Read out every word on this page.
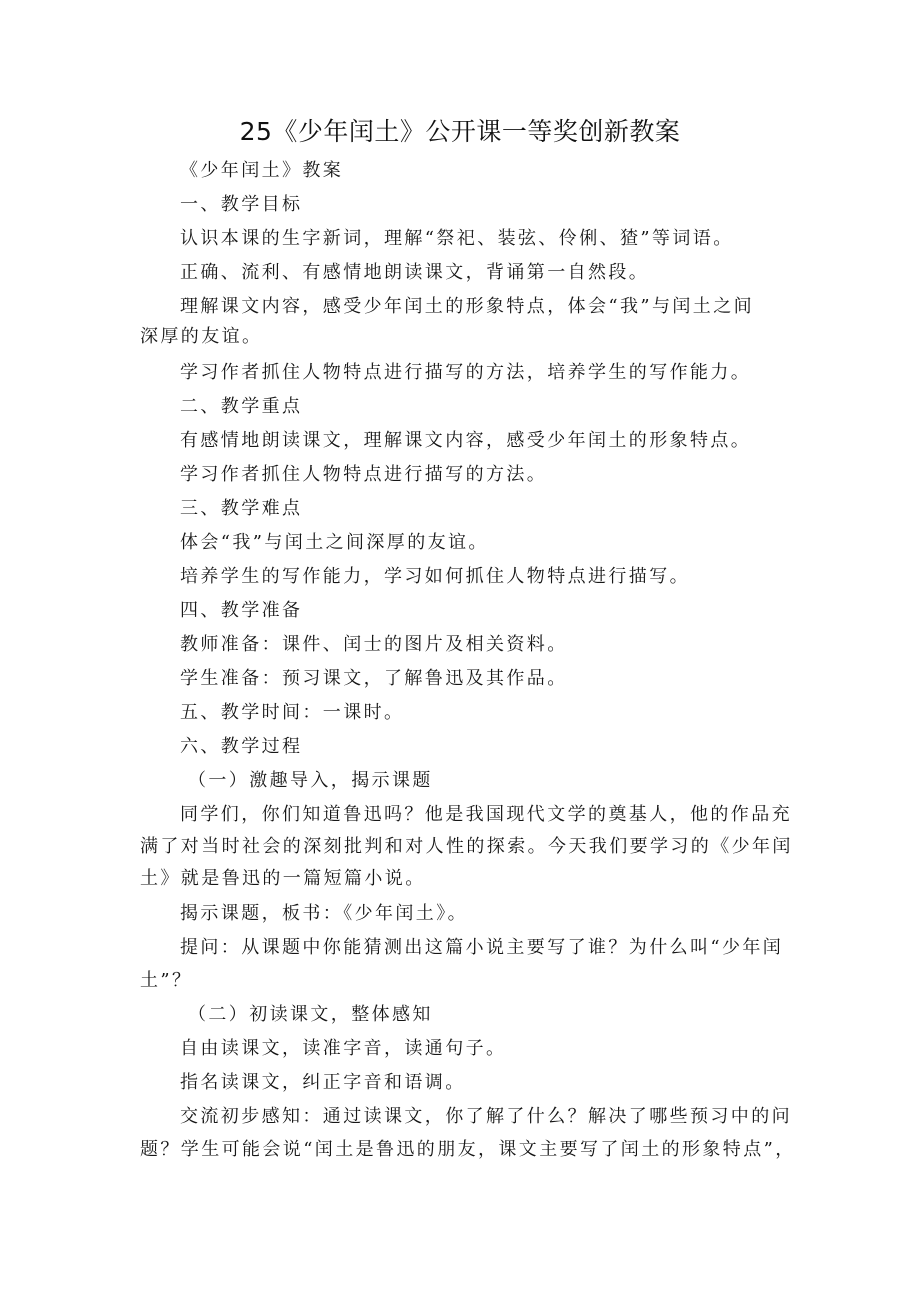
25《少年闰土》公开课一等奖创新教案
《少年闰土》教案
一、教学目标
认识本课的生字新词，理解“祭祀、装弦、伶俐、猹”等词语。
正确、流利、有感情地朗读课文，背诵第一自然段。
理解课文内容，感受少年闰土的形象特点，体会“我”与闰土之间
深厚的友谊。
学习作者抓住人物特点进行描写的方法，培养学生的写作能力。
二、教学重点
有感情地朗读课文，理解课文内容，感受少年闰土的形象特点。
学习作者抓住人物特点进行描写的方法。
三、教学难点
体会“我”与闰土之间深厚的友谊。
培养学生的写作能力，学习如何抓住人物特点进行描写。
四、教学准备
教师准备：课件、闰士的图片及相关资料。
学生准备：预习课文，了解鲁迅及其作品。
五、教学时间：一课时。
六、教学过程
（一）激趣导入，揭示课题
同学们，你们知道鲁迅吗？他是我国现代文学的奠基人，他的作品充
满了对当时社会的深刻批判和对人性的探索。今天我们要学习的《少年闰
土》就是鲁迅的一篇短篇小说。
揭示课题，板书：《少年闰土》。
提问：从课题中你能猜测出这篇小说主要写了谁？为什么叫“少年闰
土”？
（二）初读课文，整体感知
自由读课文，读准字音，读通句子。
指名读课文，纠正字音和语调。
交流初步感知：通过读课文，你了解了什么？解决了哪些预习中的问
题？学生可能会说“闰土是鲁迅的朋友，课文主要写了闰土的形象特点”，
